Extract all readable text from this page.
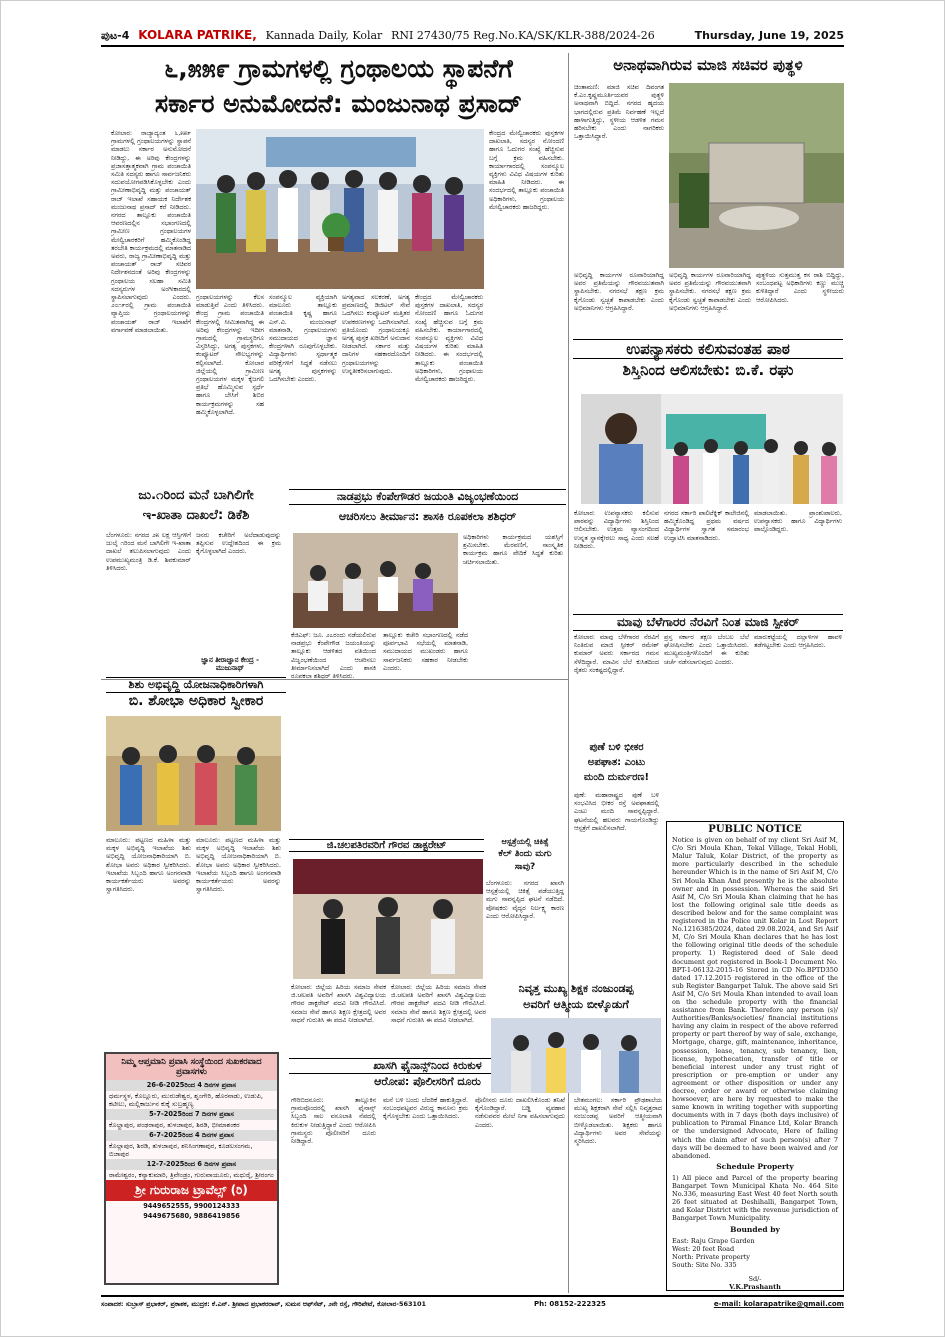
ಪುಟ-4 KOLARA PATRIKE, Kannada Daily, Kolar RNI 27430/75 Reg.No.KA/SK/KLR-388/2024-26	Thursday, June 19, 2025
೬,೫೫೯ ಗ್ರಾಮಗಳಲ್ಲಿ ಗ್ರಂಥಾಲಯ ಸ್ಥಾಪನೆಗೆ
ಸರ್ಕಾರ ಅನುಮೋದನೆ: ಮಂಜುನಾಥ ಪ್ರಸಾದ್
ಕೋಲಾರ: ರಾಜ್ಯಾದ್ಯಂತ ೬,೫೫೯ ಗ್ರಾಮಗಳಲ್ಲಿ ಗ್ರಂಥಾಲಯಗಳನ್ನು ಸ್ಥಾಪನೆ ಮಾಡಲು ಸರ್ಕಾರ ಅನುಮೋದನೆ ನೀಡಿದ್ದು, ಈ ಅರಿವು ಕೇಂದ್ರಗಳನ್ನು ಪ್ರಜಾಸತ್ತಾತ್ಮಕವಾಗಿ ಗ್ರಾಮ ಪಂಚಾಯಿತಿ ಸಮಿತಿ ಸದಸ್ಯರು ಹಾಗೂ ಸಾರ್ವಜನಿಕರು ಸದುಪಯೋಗಪಡಿಸಿಕೊಳ್ಳಬೇಕು ಎಂದು ಗ್ರಾಮೀಣಾಭಿವೃದ್ಧಿ ಮತ್ತು ಪಂಚಾಯತ್ ರಾಜ್ ಇಲಾಖೆ ಸಹಾಯಕ ನಿರ್ದೇಶಕ ಮಂಜುನಾಥ ಪ್ರಸಾದ್ ಕರೆ ನೀಡಿದರು. ನಗರದ ತಾಲ್ಲೂಕು ಪಂಚಾಯಿತಿ ಆವರಣದಲ್ಲಿನ ಸಭಾಂಗಣದಲ್ಲಿ ಗ್ರಾಮೀಣ ಗ್ರಂಥಾಲಯಗಳ ಮೇಲ್ವಿಚಾರಕರಿಗೆ ಹಮ್ಮಿಕೊಂಡಿದ್ದ ತರಬೇತಿ ಕಾರ್ಯಕ್ರಮದಲ್ಲಿ ಮಾತನಾಡಿದ ಅವರು, ರಾಜ್ಯ ಗ್ರಾಮೀಣಾಭಿವೃದ್ಧಿ ಮತ್ತು ಪಂಚಾಯತ್ ರಾಜ್ ಸಚಿವರ ನಿರ್ದೇಶನದಂತೆ ಅರಿವು ಕೇಂದ್ರಗಳನ್ನು ಗ್ರಂಥಾಲಯ ಸಲಹಾ ಸಮಿತಿ ಸದಸ್ಯರುಗಳ ಅಂಗೀಕಾರದಲ್ಲಿ ಸ್ಥಾಪಿಸಲಾಗುವುದು ಎಂದರು. ೨೦೧೯ರಲ್ಲಿ ಗ್ರಾಮ ಪಂಚಾಯಿತಿ ವ್ಯಾಪ್ತಿಯ ಗ್ರಂಥಾಲಯಗಳನ್ನು ಪಂಚಾಯತ್ ರಾಜ್ ಇಲಾಖೆಗೆ ವರ್ಗಾವಣೆ ಮಾಡಲಾಯಿತು.
ಗ್ರಂಥಾಲಯಗಳನ್ನು ಕೆಲಸ ಮಾಡುತ್ತಿವೆ ಎಂದು ತಿಳಿಸಿದರು. ಕೇಂದ್ರ ಗ್ರಾಮ ಪಂಚಾಯಿತಿ ಕೇಂದ್ರಗಳಲ್ಲಿ ಸೀಮಿತವಾಗಿದ್ದ ಈ ಅರಿವು ಕೇಂದ್ರಗಳನ್ನು ಇದೀಗ ಗ್ರಾಮದಲ್ಲಿ ಗ್ರಾಮಸ್ಥರಿಗೂ ವಿಸ್ತರಿಸಿದ್ದು, ಅಗತ್ಯ ಪುಸ್ತಕಗಳು, ಕಂಪ್ಯೂಟರ್ ಸೌಲಭ್ಯಗಳನ್ನು ಕಲ್ಪಿಸಲಾಗಿದೆ. ಕೋಲಾರ ಜಿಲ್ಲೆಯಲ್ಲಿ ಗ್ರಾಮೀಣ ಗ್ರಂಥಾಲಯಗಳ ಮಕ್ಕಳ ಕೈಜಗಲಿ ಪ್ರತಿಭೆ ಹೊಮ್ಮಿಸುವ ಸ್ಪರ್ಧೆ ಹಾಗೂ ಬೇಸಿಗೆ ಶಿಬಿರ ಕಾರ್ಯಕ್ರಮಗಳನ್ನು ಸಹ ಹಮ್ಮಿಕೊಳ್ಳಲಾಗಿದೆ.
ಸಂಪನ್ಮೂಲ ವ್ಯಕ್ತಿಯಾಗಿ ಮಾಲೂರು ತಾಲ್ಲೂಕು ಪಂಚಾಯಿತಿ ಕೃಷ್ಣ ಹಾಗೂ ಎಸ್.ವಿ. ಮಂಜುನಾಥ್ ಮಾತನಾಡಿ, ಗ್ರಂಥಾಲಯಗಳು ಸಮುದಾಯದ ಜ್ಞಾನ ಕೇಂದ್ರಗಳಾಗಿ ರೂಪುಗೊಳ್ಳಬೇಕು. ವಿದ್ಯಾರ್ಥಿಗಳು ಸ್ಪರ್ಧಾತ್ಮಕ ಪರೀಕ್ಷೆಗಳಿಗೆ ಸಿದ್ಧತೆ ನಡೆಸಲು ಅಗತ್ಯ ಪುಸ್ತಕಗಳನ್ನು ಒದಗಿಸಬೇಕು ಎಂದರು.
ಅಗತ್ಯವಾದ ಸಲಕರಣೆ, ಅಗತ್ಯ ಪ್ರಮಾಣದಲ್ಲಿ ಡಿಜಿಟಲ್ ಸೇವೆ ಒದಗಿಸಲು ಕಂಪ್ಯೂಟರ್ ಮತ್ತಿತರ ಉಪಕರಣಗಳನ್ನು ಒದಗಿಸಲಾಗಿದೆ. ಪ್ರತಿಯೊಂದು ಗ್ರಂಥಾಲಯಕ್ಕೂ ಅಗತ್ಯ ಪುಸ್ತಕ ಖರೀದಿಗೆ ಅನುದಾನ ನೀಡಲಾಗಿದೆ. ಸರ್ಕಾರ ಮತ್ತು ದಾನಿಗಳ ಸಹಕಾರದೊಂದಿಗೆ ಗ್ರಂಥಾಲಯಗಳನ್ನು ಉನ್ನತೀಕರಿಸಲಾಗುವುದು.
ಕೇಂದ್ರದ ಮೇಲ್ವಿಚಾರಕರು ಪುಸ್ತಕಗಳ ದಾಖಲಾತಿ, ಸದಸ್ಯರ ನೋಂದಣಿ ಹಾಗೂ ಓದುಗರ ಸಂಖ್ಯೆ ಹೆಚ್ಚಿಸುವ ಬಗ್ಗೆ ಕ್ರಮ ವಹಿಸಬೇಕು. ಕಾರ್ಯಾಗಾರದಲ್ಲಿ ಸಂಪನ್ಮೂಲ ವ್ಯಕ್ತಿಗಳು ವಿವಿಧ ವಿಷಯಗಳ ಕುರಿತು ಮಾಹಿತಿ ನೀಡಿದರು. ಈ ಸಂದರ್ಭದಲ್ಲಿ ತಾಲ್ಲೂಕು ಪಂಚಾಯಿತಿ ಅಧಿಕಾರಿಗಳು, ಗ್ರಂಥಾಲಯ ಮೇಲ್ವಿಚಾರಕರು ಹಾಜರಿದ್ದರು.
ಕೇಂದ್ರದ ಮೇಲ್ವಿಚಾರಕರು ಪುಸ್ತಕಗಳ ದಾಖಲಾತಿ, ಸದಸ್ಯರ ನೋಂದಣಿ ಹಾಗೂ ಓದುಗರ ಸಂಖ್ಯೆ ಹೆಚ್ಚಿಸುವ ಬಗ್ಗೆ ಕ್ರಮ ವಹಿಸಬೇಕು. ಕಾರ್ಯಾಗಾರದಲ್ಲಿ ಸಂಪನ್ಮೂಲ ವ್ಯಕ್ತಿಗಳು ವಿವಿಧ ವಿಷಯಗಳ ಕುರಿತು ಮಾಹಿತಿ ನೀಡಿದರು. ಈ ಸಂದರ್ಭದಲ್ಲಿ ತಾಲ್ಲೂಕು ಪಂಚಾಯಿತಿ ಅಧಿಕಾರಿಗಳು, ಗ್ರಂಥಾಲಯ ಮೇಲ್ವಿಚಾರಕರು ಹಾಜರಿದ್ದರು.
ಜ್ಞಾನ ತೀರಾಜ್ಞಾನ ಕೇಂದ್ರ - ಮುಜುನಾಥ್
ಅನಾಥವಾಗಿರುವ ಮಾಜಿ ಸಚಿವರ ಪುತ್ಥಳಿ
ಚಿಂತಾಮಣಿ: ಮಾಜಿ ಸಚಿವ ದಿವಂಗತ ಕೆ.ಎಂ.ಕೃಷ್ಣಮೂರ್ತಿಯವರ ಪುತ್ಥಳಿ ಅನಾಥವಾಗಿ ಬಿದ್ದಿದೆ. ನಗರದ ಹೃದಯ ಭಾಗದಲ್ಲಿರುವ ಪ್ರತಿಮೆ ನಿರ್ವಹಣೆ ಇಲ್ಲದೆ ಹಾಳಾಗುತ್ತಿದ್ದು, ಸ್ಥಳೀಯ ಆಡಳಿತ ಗಮನ ಹರಿಸಬೇಕು ಎಂದು ನಾಗರಿಕರು ಒತ್ತಾಯಿಸಿದ್ದಾರೆ.
ಅಭಿವೃದ್ಧಿ ಕಾರ್ಯಗಳ ರೂವಾರಿಯಾಗಿದ್ದ ಅವರ ಪ್ರತಿಮೆಯನ್ನು ಗೌರವಯುತವಾಗಿ ಸ್ಥಾಪಿಸಬೇಕು. ನಗರಸಭೆ ತಕ್ಷಣ ಕ್ರಮ ಕೈಗೊಂಡು ಸ್ವಚ್ಛತೆ ಕಾಪಾಡಬೇಕು ಎಂದು ಅಭಿಮಾನಿಗಳು ಆಗ್ರಹಿಸಿದ್ದಾರೆ.
ಅಭಿವೃದ್ಧಿ ಕಾರ್ಯಗಳ ರೂವಾರಿಯಾಗಿದ್ದ ಅವರ ಪ್ರತಿಮೆಯನ್ನು ಗೌರವಯುತವಾಗಿ ಸ್ಥಾಪಿಸಬೇಕು. ನಗರಸಭೆ ತಕ್ಷಣ ಕ್ರಮ ಕೈಗೊಂಡು ಸ್ವಚ್ಛತೆ ಕಾಪಾಡಬೇಕು ಎಂದು ಅಭಿಮಾನಿಗಳು ಆಗ್ರಹಿಸಿದ್ದಾರೆ.
ಪುತ್ಥಳಿಯ ಸುತ್ತಮುತ್ತ ಕಸ ರಾಶಿ ಬಿದ್ದಿದ್ದು, ಸಂಬಂಧಪಟ್ಟ ಅಧಿಕಾರಿಗಳು ಕಣ್ಣು ಮುಚ್ಚಿ ಕುಳಿತಿದ್ದಾರೆ ಎಂದು ಸ್ಥಳೀಯರು ಆರೋಪಿಸಿದರು.
ಉಪನ್ಯಾಸಕರು ಕಲಿಸುವಂತಹ ಪಾಠ
ಶಿಸ್ತಿನಿಂದ ಆಲಿಸಬೇಕು: ಬಿ.ಕೆ. ರಘು
ಕೋಲಾರ: ಉಪನ್ಯಾಸಕರು ಕಲಿಸುವ ಪಾಠವನ್ನು ವಿದ್ಯಾರ್ಥಿಗಳು ಶಿಸ್ತಿನಿಂದ ಆಲಿಸಬೇಕು. ಉತ್ತಮ ವ್ಯಾಸಂಗದಿಂದ ಉನ್ನತ ಸ್ಥಾನಕ್ಕೇರಲು ಸಾಧ್ಯ ಎಂದು ಸಲಹೆ ನೀಡಿದರು.
ನಗರದ ಸರ್ಕಾರಿ ಪಾಲಿಟೆಕ್ನಿಕ್ ಕಾಲೇಜಿನಲ್ಲಿ ಹಮ್ಮಿಕೊಂಡಿದ್ದ ಪ್ರಥಮ ವರ್ಷದ ವಿದ್ಯಾರ್ಥಿಗಳ ಸ್ವಾಗತ ಸಮಾರಂಭ ಉದ್ಘಾಟಿಸಿ ಮಾತನಾಡಿದರು.
ಮಾಡಲಾಯಿತು. ಪ್ರಾಂಶುಪಾಲರು, ಉಪನ್ಯಾಸಕರು ಹಾಗೂ ವಿದ್ಯಾರ್ಥಿಗಳು ಪಾಲ್ಗೊಂಡಿದ್ದರು.
ಮಾವು ಬೆಳೆಗಾರರ ನೆರವಿಗೆ ನಿಂತ ಮಾಜಿ ಸ್ಪೀಕರ್
ಕೋಲಾರ: ಮಾವು ಬೆಳೆಗಾರರ ನೆರವಿಗೆ ನಿಂತಿರುವ ಮಾಜಿ ಸ್ಪೀಕರ್ ರಮೇಶ್ ಕುಮಾರ್ ಅವರು ಸರ್ಕಾರದ ಗಮನ ಸೆಳೆದಿದ್ದಾರೆ. ಮಾವಿನ ಬೆಲೆ ಕುಸಿತದಿಂದ ರೈತರು ಸಂಕಷ್ಟದಲ್ಲಿದ್ದಾರೆ.
ಪ್ರಸ್ತ ಸರ್ಕಾರ ತಕ್ಷಣ ಬೆಂಬಲ ಬೆಲೆ ಘೋಷಿಸಬೇಕು ಎಂದು ಒತ್ತಾಯಿಸಿದರು. ಮುಖ್ಯಮಂತ್ರಿಗಳೊಂದಿಗೆ ಈ ಕುರಿತು ಚರ್ಚೆ ನಡೆಸಲಾಗುವುದು ಎಂದರು.
ಮಾರುಕಟ್ಟೆಯಲ್ಲಿ ದಲ್ಲಾಳಿಗಳ ಹಾವಳಿ ತಡೆಗಟ್ಟಬೇಕು ಎಂದು ಆಗ್ರಹಿಸಿದರು.
ಪುಣೆ ಬಳಿ ಭೀಕರ
ಅಪಘಾತ: ಎಂಟು
ಮಂದಿ ದುರ್ಮರಣ!
ಪುಣೆ: ಮಹಾರಾಷ್ಟ್ರದ ಪುಣೆ ಬಳಿ ಸಂಭವಿಸಿದ ಭೀಕರ ರಸ್ತೆ ಅಪಘಾತದಲ್ಲಿ ಎಂಟು ಮಂದಿ ಸಾವನ್ನಪ್ಪಿದ್ದಾರೆ. ಘಟನೆಯಲ್ಲಿ ಹಲವರು ಗಾಯಗೊಂಡಿದ್ದು ಆಸ್ಪತ್ರೆಗೆ ದಾಖಲಿಸಲಾಗಿದೆ.
ಆಸ್ಪತ್ರೆಯಲ್ಲಿ ಚಿಕಿತ್ಸೆ
ಕೆಲ್ ತಿಂದು ಮಗು
ಸಾವು?
ಬೆಂಗಳೂರು: ನಗರದ ಖಾಸಗಿ ಆಸ್ಪತ್ರೆಯಲ್ಲಿ ಚಿಕಿತ್ಸೆ ಪಡೆಯುತ್ತಿದ್ದ ಮಗು ಸಾವನ್ನಪ್ಪಿದ ಘಟನೆ ನಡೆದಿದೆ. ಪೋಷಕರು ವೈದ್ಯರ ನಿರ್ಲಕ್ಷ್ಯ ಕಾರಣ ಎಂದು ಆರೋಪಿಸಿದ್ದಾರೆ.
ಜು.೧ರಿಂದ ಮನೆ ಬಾಗಿಲಿಗೇ
ಇ-ಖಾತಾ ದಾಖಲೆ: ಡಿಕೆಶಿ
ಬೆಂಗಳೂರು: ನಗರದ ೨೫ ಲಕ್ಷ ಆಸ್ತಿಗಳಿಗೆ ಜುಲೈ ೧ರಿಂದ ಮನೆ ಬಾಗಿಲಿಗೇ ಇ-ಖಾತಾ ದಾಖಲೆ ತಲುಪಿಸಲಾಗುವುದು ಎಂದು ಉಪಮುಖ್ಯಮಂತ್ರಿ ಡಿ.ಕೆ. ಶಿವಕುಮಾರ್ ತಿಳಿಸಿದರು.
ಜನರು ಕಚೇರಿಗೆ ಅಲೆದಾಡುವುದನ್ನು ತಪ್ಪಿಸುವ ಉದ್ದೇಶದಿಂದ ಈ ಕ್ರಮ ಕೈಗೊಳ್ಳಲಾಗಿದೆ ಎಂದರು.
ನಾಡಪ್ರಭು ಕೆಂಪೇಗೌಡರ ಜಯಂತಿ ವಿಜೃಂಭಣೆಯಿಂದ
ಆಚರಿಸಲು ತೀರ್ಮಾನ: ಶಾಸಕಿ ರೂಪಕಲಾ ಶಶಿಧರ್
ಕೆಜಿಎಫ್: ಜೂ. ೨೭ರಂದು ನಡೆಯಲಿರುವ ನಾಡಪ್ರಭು ಕೆಂಪೇಗೌಡ ಜಯಂತಿಯನ್ನು ತಾಲ್ಲೂಕು ಆಡಳಿತದ ವತಿಯಿಂದ ವಿಜೃಂಭಣೆಯಿಂದ ಆಚರಿಸಲು ತೀರ್ಮಾನಿಸಲಾಗಿದೆ ಎಂದು ಶಾಸಕಿ ರೂಪಕಲಾ ಶಶಿಧರ್ ತಿಳಿಸಿದರು.
ತಾಲ್ಲೂಕು ಕಚೇರಿ ಸಭಾಂಗಣದಲ್ಲಿ ನಡೆದ ಪೂರ್ವಭಾವಿ ಸಭೆಯಲ್ಲಿ ಮಾತನಾಡಿ, ಸಮುದಾಯದ ಮುಖಂಡರು ಹಾಗೂ ಸಾರ್ವಜನಿಕರು ಸಹಕಾರ ನೀಡಬೇಕು ಎಂದರು.
ಅಧಿಕಾರಿಗಳು ಕಾರ್ಯಕ್ರಮದ ಯಶಸ್ಸಿಗೆ ಶ್ರಮಿಸಬೇಕು. ಮೆರವಣಿಗೆ, ಸಾಂಸ್ಕೃತಿಕ ಕಾರ್ಯಕ್ರಮ ಹಾಗೂ ವೇದಿಕೆ ಸಿದ್ಧತೆ ಕುರಿತು ಚರ್ಚಿಸಲಾಯಿತು.
ಶಿಶು ಅಭಿವೃದ್ಧಿ ಯೋಜನಾಧಿಕಾರಿಗಳಾಗಿ
ಬಿ. ಶೋಭಾ ಅಧಿಕಾರ ಸ್ವೀಕಾರ
ಮಾಲೂರು: ಪಟ್ಟಣದ ಮಹಿಳಾ ಮತ್ತು ಮಕ್ಕಳ ಅಭಿವೃದ್ಧಿ ಇಲಾಖೆಯ ಶಿಶು ಅಭಿವೃದ್ಧಿ ಯೋಜನಾಧಿಕಾರಿಯಾಗಿ ಬಿ. ಶೋಭಾ ಅವರು ಅಧಿಕಾರ ಸ್ವೀಕರಿಸಿದರು. ಇಲಾಖೆಯ ಸಿಬ್ಬಂದಿ ಹಾಗೂ ಅಂಗನವಾಡಿ ಕಾರ್ಯಕರ್ತೆಯರು ಅವರನ್ನು ಸ್ವಾಗತಿಸಿದರು.
ಮಾಲೂರು: ಪಟ್ಟಣದ ಮಹಿಳಾ ಮತ್ತು ಮಕ್ಕಳ ಅಭಿವೃದ್ಧಿ ಇಲಾಖೆಯ ಶಿಶು ಅಭಿವೃದ್ಧಿ ಯೋಜನಾಧಿಕಾರಿಯಾಗಿ ಬಿ. ಶೋಭಾ ಅವರು ಅಧಿಕಾರ ಸ್ವೀಕರಿಸಿದರು. ಇಲಾಖೆಯ ಸಿಬ್ಬಂದಿ ಹಾಗೂ ಅಂಗನವಾಡಿ ಕಾರ್ಯಕರ್ತೆಯರು ಅವರನ್ನು ಸ್ವಾಗತಿಸಿದರು.
ನಿಮ್ಮ ಆಪ್ತಮಾನಿ ಪ್ರವಾಸಿ ಸಂಸ್ಥೆಯಿಂದ ಸುಖಕರವಾದ ಪ್ರವಾಸಗಳು
26-6-2025ರಿಂದ 4 ದಿನಗಳ ಪ್ರವಾಸ
ಧರ್ಮಸ್ಥಳ, ಕೊಲ್ಲೂರು, ಮುರುಡೇಶ್ವರ, ಶೃಂಗೇರಿ, ಹೊರನಾಡು, ಉಡುಪಿ, ಕಟೀಲು, ಮಲ್ಲಿಕಾರ್ಜುನ ಕುಕ್ಕೆ ಸುಬ್ರಹ್ಮಣ್ಯ
5-7-2025ರಿಂದ 7 ದಿನಗಳ ಪ್ರವಾಸ
ಕೊಲ್ಹಾಪುರ, ಪಂಢರಾಪುರ, ತುಳಜಾಪುರ, ಶಿರಡಿ, ಭೀಮಾಶಂಕರ
6-7-2025ರಿಂದ 4 ದಿನಗಳ ಪ್ರವಾಸ
ಕೊಲ್ಲಾಪುರ, ಶಿರಡಿ, ತುಳಜಾಪುರ, ಶನಿಸಿಂಗಣಾಪುರ, ಕೂಡಲಸಂಗಮ, ಬಿಜಾಪುರ
12-7-2025ರಿಂದ 6 ದಿನಗಳ ಪ್ರವಾಸ
ರಾಮೇಶ್ವರಂ, ಕನ್ಯಾಕುಮಾರಿ, ತ್ರಿವೇಂಡ್ರಂ, ಗುರುವಾಯೂರು, ಮಧುರೈ, ಶ್ರೀರಂಗಂ
ಶ್ರೀ ಗುರುರಾಜ ಟ್ರಾವೆಲ್ಸ್ (ರಿ)
9449652555, 9900124333
9449675680, 9886419856
ಜಿ.ಚಲಪತಿರವರಿಗೆ ಗೌರವ ಡಾಕ್ಟರೇಟ್
ಕೋಲಾರ: ಜಿಲ್ಲೆಯ ಹಿರಿಯ ಸಮಾಜ ಸೇವಕ ಜಿ.ಚಲಪತಿ ಅವರಿಗೆ ಖಾಸಗಿ ವಿಶ್ವವಿದ್ಯಾಲಯ ಗೌರವ ಡಾಕ್ಟರೇಟ್ ಪದವಿ ನೀಡಿ ಗೌರವಿಸಿದೆ. ಸಮಾಜ ಸೇವೆ ಹಾಗೂ ಶಿಕ್ಷಣ ಕ್ಷೇತ್ರದಲ್ಲಿ ಅವರ ಸಾಧನೆ ಗುರುತಿಸಿ ಈ ಪದವಿ ನೀಡಲಾಗಿದೆ.
ಕೋಲಾರ: ಜಿಲ್ಲೆಯ ಹಿರಿಯ ಸಮಾಜ ಸೇವಕ ಜಿ.ಚಲಪತಿ ಅವರಿಗೆ ಖಾಸಗಿ ವಿಶ್ವವಿದ್ಯಾಲಯ ಗೌರವ ಡಾಕ್ಟರೇಟ್ ಪದವಿ ನೀಡಿ ಗೌರವಿಸಿದೆ. ಸಮಾಜ ಸೇವೆ ಹಾಗೂ ಶಿಕ್ಷಣ ಕ್ಷೇತ್ರದಲ್ಲಿ ಅವರ ಸಾಧನೆ ಗುರುತಿಸಿ ಈ ಪದವಿ ನೀಡಲಾಗಿದೆ.
ಖಾಸಗಿ ಫೈನಾನ್ಸ್‌ನಿಂದ ಕಿರುಕುಳ
ಆರೋಪ: ಪೊಲೀಸರಿಗೆ ದೂರು
ಗೌರಿಬಿದನೂರು: ತಾಲ್ಲೂಕಿನ ಗ್ರಾಮವೊಂದರಲ್ಲಿ ಖಾಸಗಿ ಫೈನಾನ್ಸ್ ಸಿಬ್ಬಂದಿ ಸಾಲ ವಸೂಲಾತಿ ನೆಪದಲ್ಲಿ ಕಿರುಕುಳ ನೀಡುತ್ತಿದ್ದಾರೆ ಎಂದು ಆರೋಪಿಸಿ ಗ್ರಾಮಸ್ಥರು ಪೊಲೀಸರಿಗೆ ದೂರು ನೀಡಿದ್ದಾರೆ.
ಮನೆ ಬಳಿ ಬಂದು ಬೆದರಿಕೆ ಹಾಕುತ್ತಿದ್ದಾರೆ. ಸಂಬಂಧಪಟ್ಟವರ ವಿರುದ್ಧ ಕಾನೂನು ಕ್ರಮ ಕೈಗೊಳ್ಳಬೇಕು ಎಂದು ಒತ್ತಾಯಿಸಿದರು.
ಪೊಲೀಸರು ದೂರು ದಾಖಲಿಸಿಕೊಂಡು ತನಿಖೆ ಕೈಗೊಂಡಿದ್ದಾರೆ. ಬಡ್ಡಿ ವ್ಯವಹಾರ ನಡೆಸುವವರ ಮೇಲೆ ನಿಗಾ ವಹಿಸಲಾಗುವುದು ಎಂದರು.
ನಿವೃತ್ತ ಮುಖ್ಯ ಶಿಕ್ಷಕ ನಂಜುಂಡಪ್ಪ
ಅವರಿಗೆ ಆತ್ಮೀಯ ಬೀಳ್ಕೊಡುಗೆ
ಬೇತಮಂಗಲ: ಸರ್ಕಾರಿ ಪ್ರೌಢಶಾಲೆಯ ಮುಖ್ಯ ಶಿಕ್ಷಕರಾಗಿ ಸೇವೆ ಸಲ್ಲಿಸಿ ನಿವೃತ್ತರಾದ ನಂಜುಂಡಪ್ಪ ಅವರಿಗೆ ಆತ್ಮೀಯವಾಗಿ ಬೀಳ್ಕೊಡಲಾಯಿತು. ಶಿಕ್ಷಕರು ಹಾಗೂ ವಿದ್ಯಾರ್ಥಿಗಳು ಅವರ ಸೇವೆಯನ್ನು ಸ್ಮರಿಸಿದರು.
PUBLIC NOTICE

Notice is given on behalf of my client Sri Asif M, C/o Sri Moula Khan, Tekal Village, Tekal Hobli, Malur Taluk, Kolar District, of the property as more particularly described in the schedule hereunder Which is in the name of Sri Asif M, C/o Sri Moula Khan And presently he is the absolute owner and in possession. Whereas the said Sri Asif M, C/o Sri Moula Khan claiming that he has lost the following original sale title deeds as described below and for the same complaint was registered in the Police unit Kolar in Lost Report No.1216385/2024, dated 29.08.2024, and Sri Asif M, C/o Sri Moula Khan declares that he has lost the following original title deeds of the schedule property. 1) Registered deed of Sale deed document got registered in Book-1 Document No. BPT-1-06132-2015-16 Stored in CD No.BPTD350 dated 17.12.2015 registered in the office of the sub Register Bangarpet Taluk. The above said Sri Asif M, C/o Sri Moula Khan intended to avail loan on the schedule property with the financial assistance from Bank. Therefore any person (s)/ Authorities/Banks/societies/ financial institutions having any claim in respect of the above referred property or part thereof by way of sale, exchange, Mortgage, charge, gift, maintenance, inheritance, possession, lease, tenancy, sub tenancy, lien, license, hypothecation, transfer of title or beneficial interest under any trust right of prescription or pre-emption or under any agreement or other disposition or under any decree, order or award or otherwise claiming howsoever, are here by requested to make the same known in writing together with supporting documents with in 7 days (both days inclusive) of publication to Piramal Finance Ltd, Kolar Branch or the undersigned Advocate, Here of failing which the claim after of such person(s) after 7 days will be deemed to have been waived and /or abandoned.

Schedule Property

1) All piece and Parcel of the property bearing Bangarpet Town Municipal Khata No. 464 Site No.336, measuring East West 40 feet North south 26 feet situated at Deshihalli, Bangarpet Town, and Kolar District with the revenue jurisdiction of Bangarpet Town Municipality.

Bounded by

East: Raju Grape Garden

West: 20 feet Road

North: Private property

South: Site No. 335

Sd/-

V.K.Prashanth

ಸಂಪಾದಕ: ಸುಬ್ರಾಸ್ ಪ್ರಭಾಕರ್, ಪ್ರಕಾಶಕ, ಮುದ್ರಕ: ಕೆ.ಎನ್. ಶ್ರೀಪಾದ ಪ್ರಭಾಕರರಾವ್, ಸುಮನ ಆಫ್‌ಸೆಟ್, ೨ನೇ ರಸ್ತೆ, ಗೌರಿಪೇಟೆ, ಕೋಲಾರ-563101	Ph: 08152-222325	e-mail: kolarapatrike@gmail.com
